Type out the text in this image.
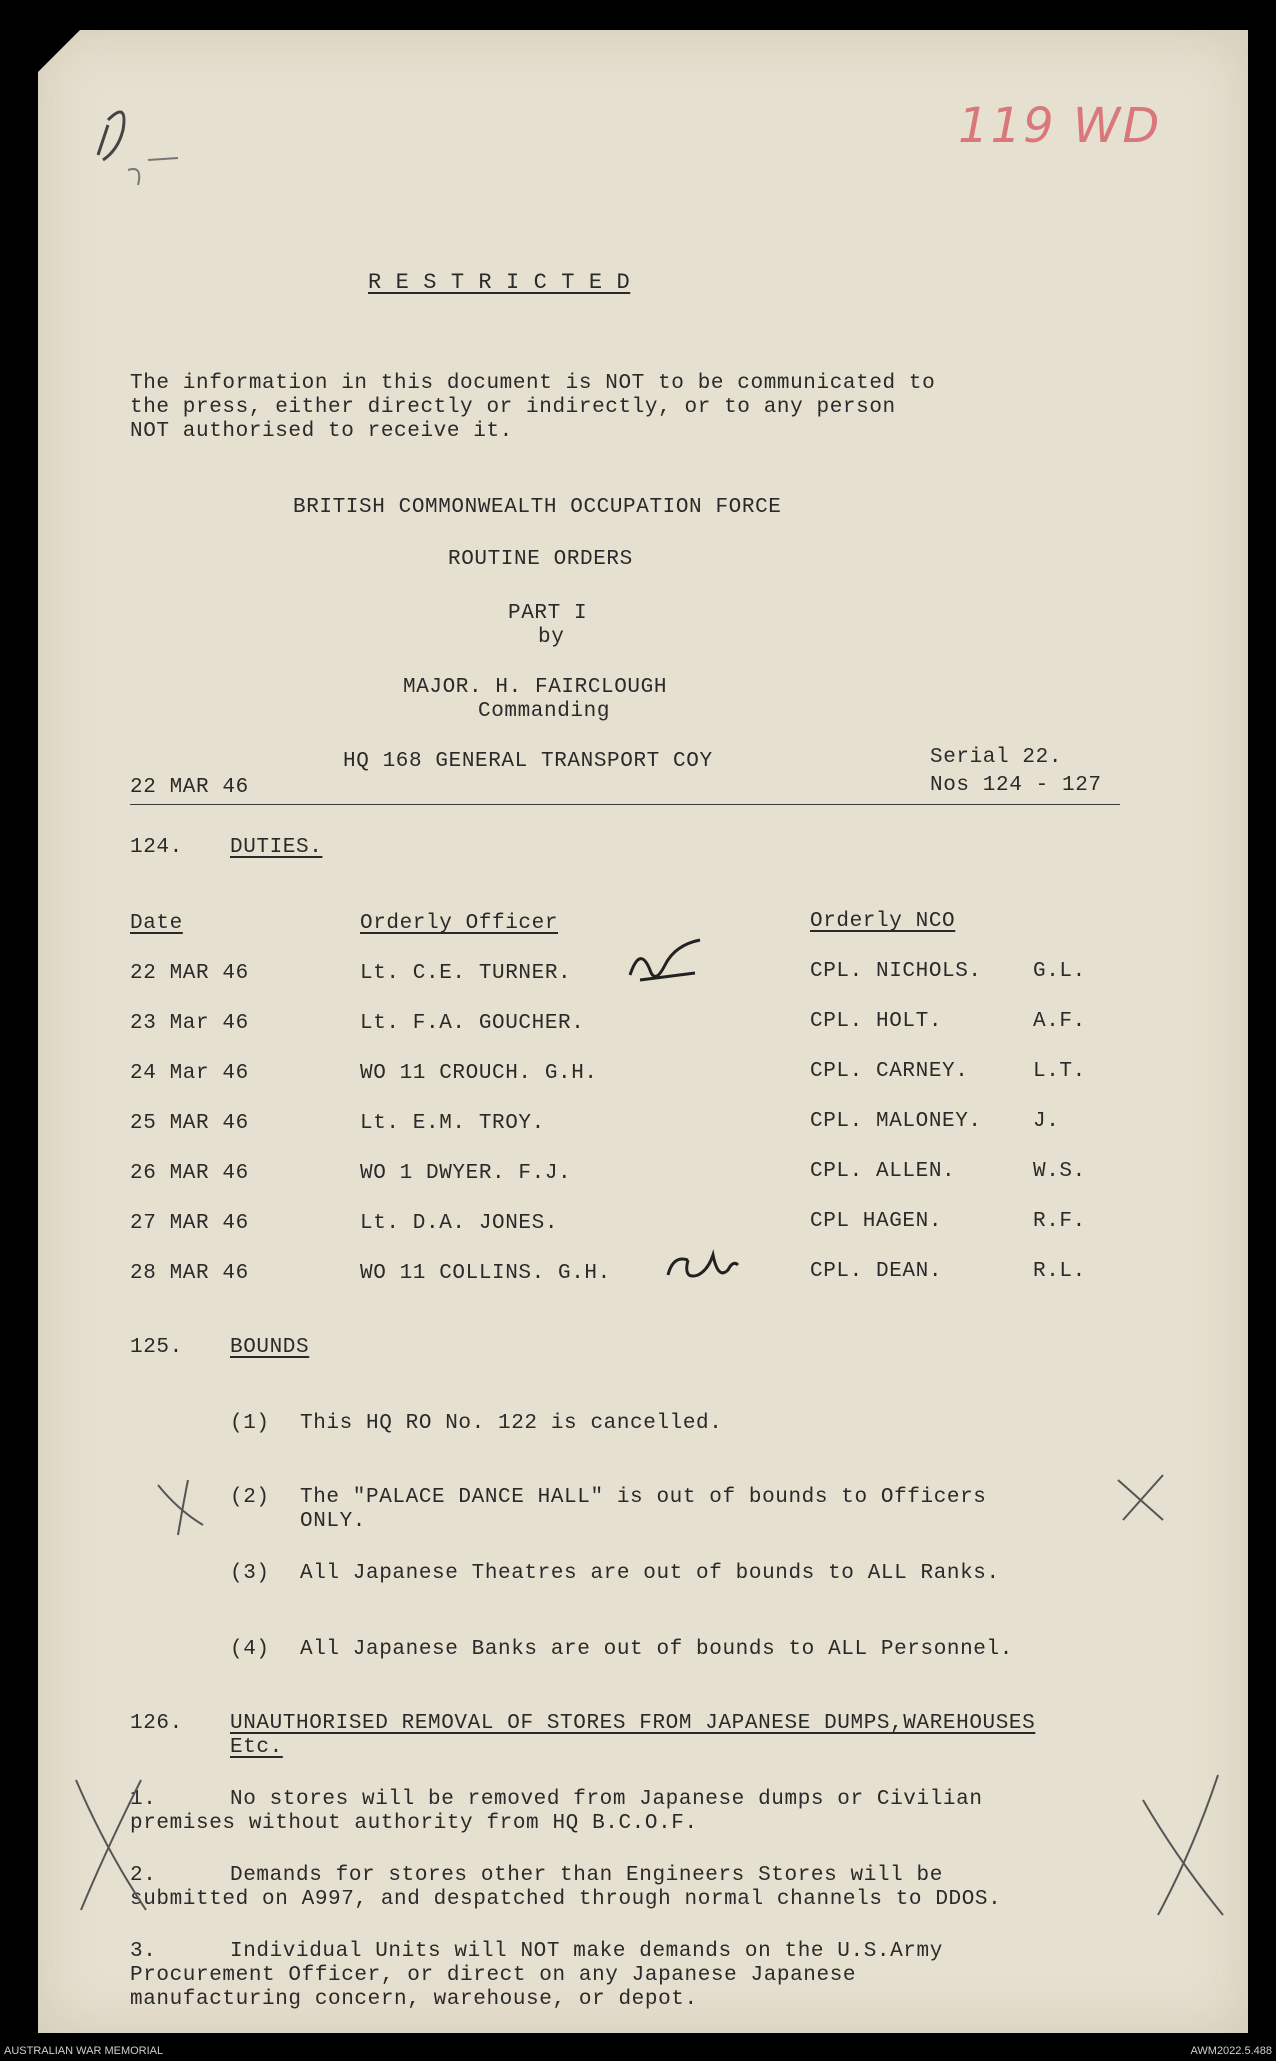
119 WD
R E S T R I C T E D
The information in this document is NOT to be communicated to
the press, either directly or indirectly, or to any person
NOT authorised to receive it.
BRITISH COMMONWEALTH OCCUPATION FORCE
ROUTINE ORDERS
PART I
by
MAJOR. H. FAIRCLOUGH
Commanding
HQ 168 GENERAL TRANSPORT COY	Serial 22.
22 MAR 46	Nos 124 - 127
124. DUTIES.
Date	Orderly Officer	Orderly NCO
22 MAR 46	Lt. C.E. TURNER.	CPL. NICHOLS. G.L.
23 Mar 46	Lt. F.A. GOUCHER.	CPL. HOLT.	A.F.
24 Mar 46	WO 11 CROUCH. G.H.	CPL. CARNEY.	L.T.
25 MAR 46	Lt. E.M. TROY.	CPL. MALONEY. J.
26 MAR 46	WO 1 DWYER. F.J.	CPL. ALLEN.	W.S.
27 MAR 46	Lt. D.A. JONES.	CPL HAGEN.	R.F.
28 MAR 46	WO 11 COLLINS. G.H.	CPL. DEAN.	R.L.
125. BOUNDS
(1) This HQ RO No. 122 is cancelled.
(2) The "PALACE DANCE HALL" is out of bounds to Officers
ONLY.
(3) All Japanese Theatres are out of bounds to ALL Ranks.
(4) All Japanese Banks are out of bounds to ALL Personnel.
126. UNAUTHORISED REMOVAL OF STORES FROM JAPANESE DUMPS,WAREHOUSES
Etc.
1.	No stores will be removed from Japanese dumps or Civilian
premises without authority from HQ B.C.O.F.
2.	Demands for stores other than Engineers Stores will be
submitted on A997, and despatched through normal channels to DDOS.
3.	Individual Units will NOT make demands on the U.S.Army
Procurement Officer, or direct on any Japanese Japanese
manufacturing concern, warehouse, or depot.
AUSTRALIAN WAR MEMORIAL	AWM2022.5.488
